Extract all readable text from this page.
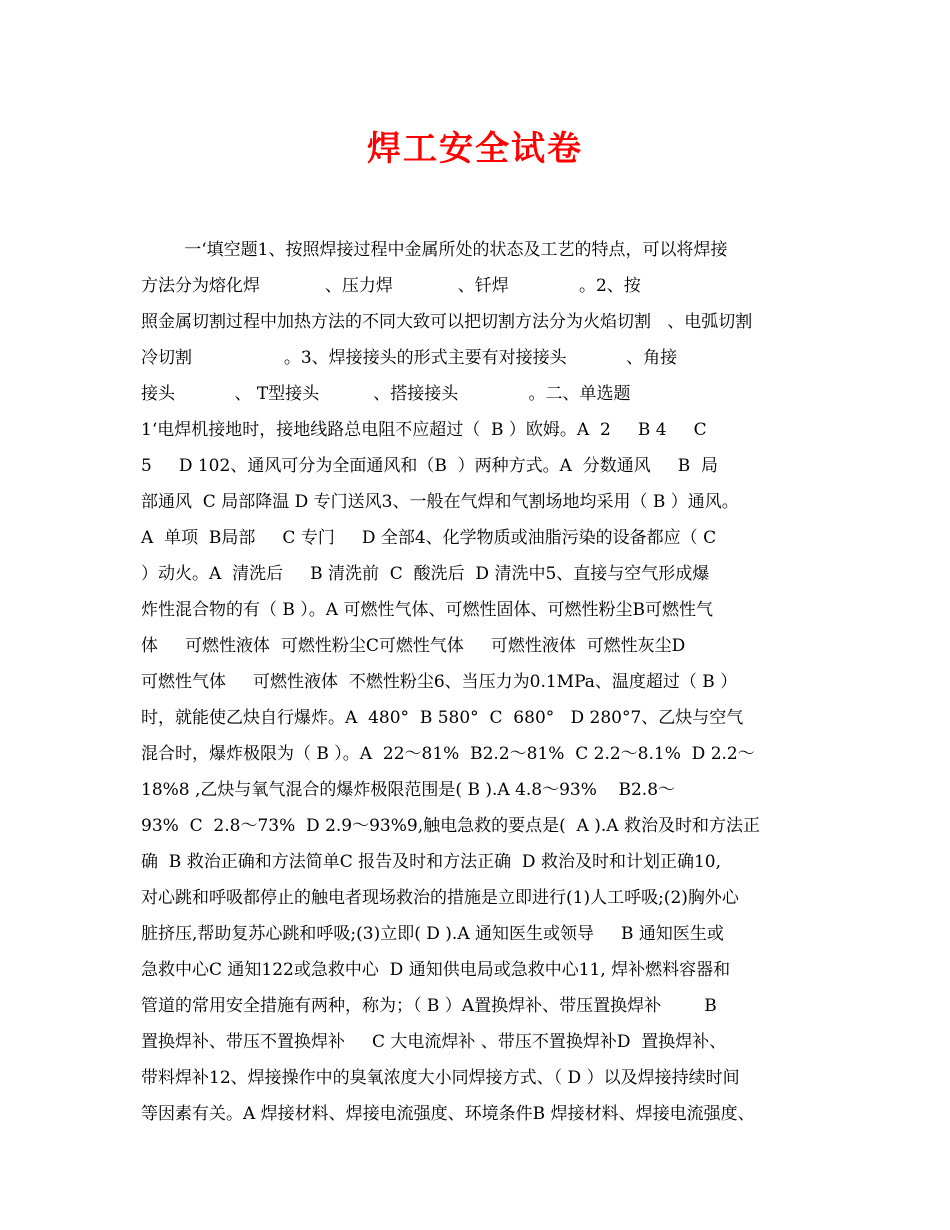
焊工安全试卷
一‘填空题1、按照焊接过程中金属所处的状态及工艺的特点，可以将焊接
方法分为熔化焊            、压力焊            、钎焊             。2、按
照金属切割过程中加热方法的不同大致可以把切割方法分为火焰切割   、电弧切割
冷切割                 。3、焊接接头的形式主要有对接接头           、角接
接头           、 T型接头          、搭接接头             。二、单选题
1‘电焊机接地时，接地线路总电阻不应超过（  B ）欧姆。A  2     B 4     C
5     D 102、通风可分为全面通风和（B  ）两种方式。A  分数通风     B  局
部通风  C 局部降温 D 专门送风3、一般在气焊和气割场地均采用（ B ）通风。
A  单项  B局部     C 专门     D 全部4、化学物质或油脂污染的设备都应（ C
）动火。A  清洗后     B 清洗前  C  酸洗后  D 清洗中5、直接与空气形成爆
炸性混合物的有（ B ）。A 可燃性气体、可燃性固体、可燃性粉尘B可燃性气
体     可燃性液体  可燃性粉尘C可燃性气体     可燃性液体  可燃性灰尘D
可燃性气体     可燃性液体  不燃性粉尘6、当压力为0.1MPa、温度超过（ B ）
时，就能使乙炔自行爆炸。A  480°  B 580°  C  680°   D 280°7、乙炔与空气
混合时，爆炸极限为（ B ）。A  22～81%  B2.2～81%  C 2.2～8.1%  D 2.2～
18%8 ,乙炔与氧气混合的爆炸极限范围是( B ).A 4.8～93%    B2.8～
93%  C  2.8～73%  D 2.9～93%9,触电急救的要点是(  A ).A 救治及时和方法正
确  B 救治正确和方法简单C 报告及时和方法正确  D 救治及时和计划正确10,
对心跳和呼吸都停止的触电者现场救治的措施是立即进行(1)人工呼吸;(2)胸外心
脏挤压,帮助复苏心跳和呼吸;(3)立即( D ).A 通知医生或领导     B 通知医生或
急救中心C 通知122或急救中心  D 通知供电局或急救中心11, 焊补燃料容器和
管道的常用安全措施有两种，称为；（ B ）A置换焊补、带压置换焊补        B
置换焊补、带压不置换焊补     C 大电流焊补 、带压不置换焊补D  置换焊补、
带料焊补12、焊接操作中的臭氧浓度大小同焊接方式、（ D ）以及焊接持续时间
等因素有关。A 焊接材料、焊接电流强度、环境条件B 焊接材料、焊接电流强度、
